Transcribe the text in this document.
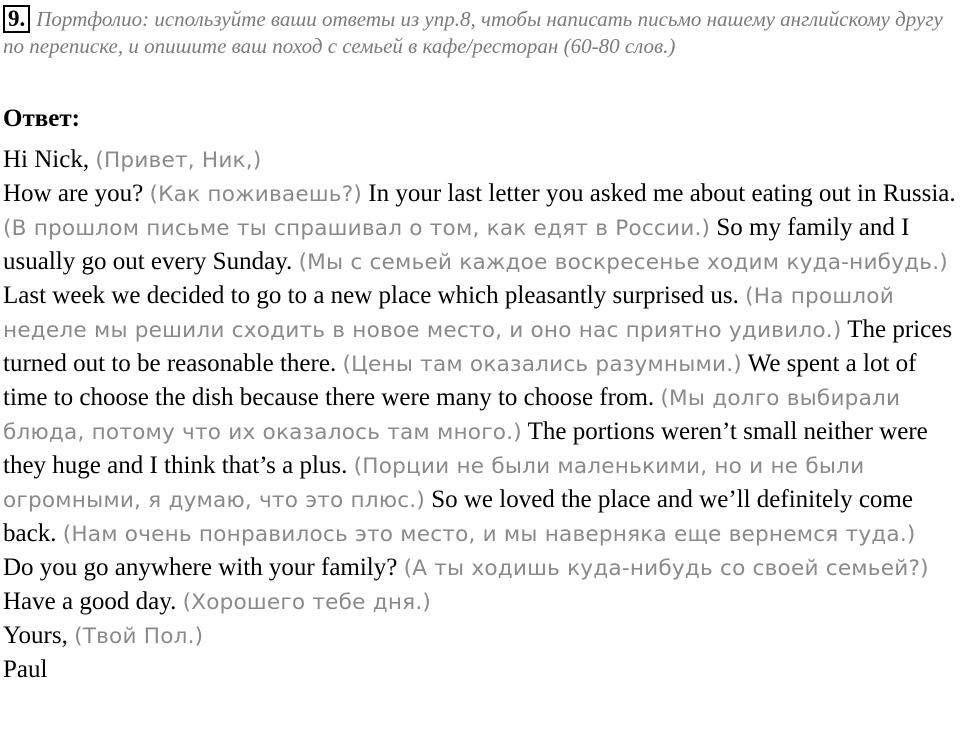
9. Портфолио: используйте ваши ответы из упр.8, чтобы написать письмо нашему английскому другу по переписке, и опишите ваш поход с семьей в кафе/ресторан (60-80 слов.)

Ответ:

Hi Nick, (Привет, Ник,)

How are you? (Как поживаешь?) In your last letter you asked me about eating out in Russia. (В прошлом письме ты спрашивал о том, как едят в России.) So my family and I usually go out every Sunday. (Мы с семьей каждое воскресенье ходим куда-нибудь.) Last week we decided to go to a new place which pleasantly surprised us. (На прошлой неделе мы решили сходить в новое место, и оно нас приятно удивило.) The prices turned out to be reasonable there. (Цены там оказались разумными.) We spent a lot of time to choose the dish because there were many to choose from. (Мы долго выбирали блюда, потому что их оказалось там много.) The portions weren’t small neither were they huge and I think that’s a plus. (Порции не были маленькими, но и не были огромными, я думаю, что это плюс.) So we loved the place and we’ll definitely come back. (Нам очень понравилось это место, и мы наверняка еще вернемся туда.)

Do you go anywhere with your family? (А ты ходишь куда-нибудь со своей семьей?) Have a good day. (Хорошего тебе дня.)

Yours, (Твой Пол.)

Paul
